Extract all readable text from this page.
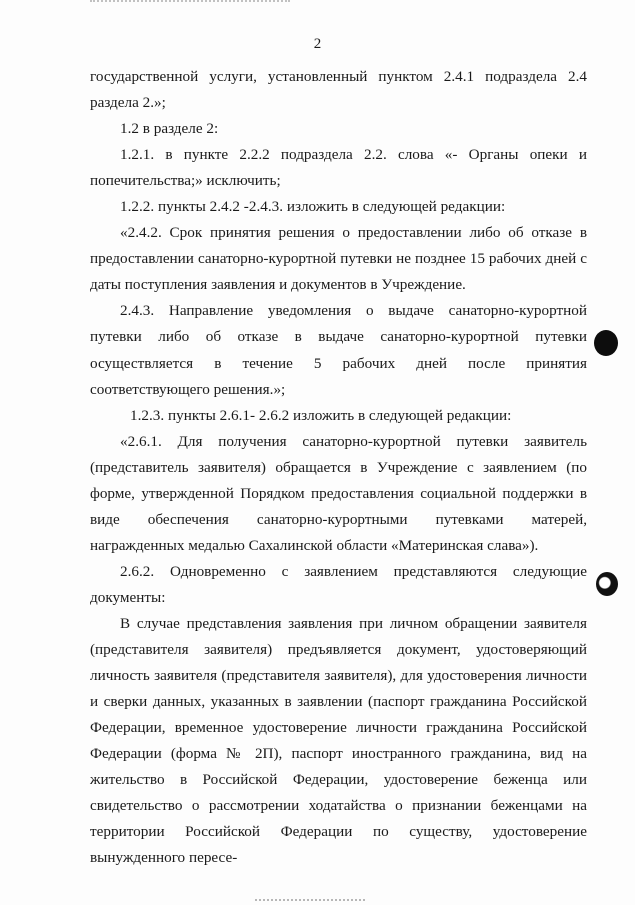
2

государственной услуги, установленный пунктом 2.4.1 подраздела 2.4 раздела 2.»;

1.2 в разделе 2:

1.2.1. в пункте 2.2.2 подраздела 2.2. слова «- Органы опеки и попечительства;» исключить;

1.2.2. пункты 2.4.2 -2.4.3. изложить в следующей редакции:

«2.4.2. Срок принятия решения о предоставлении либо об отказе в предоставлении санаторно-курортной путевки не позднее 15 рабочих дней с даты поступления заявления и документов в Учреждение.

2.4.3. Направление уведомления о выдаче санаторно-курортной путевки либо об отказе в выдаче санаторно-курортной путевки осуществляется в течение 5 рабочих дней после принятия соответствующего решения.»;

1.2.3. пункты 2.6.1- 2.6.2 изложить в следующей редакции:

«2.6.1. Для получения санаторно-курортной путевки заявитель (представитель заявителя) обращается в Учреждение с заявлением (по форме, утвержденной Порядком предоставления социальной поддержки в виде обеспечения санаторно-курортными путевками матерей, награжденных медалью Сахалинской области «Материнская слава»).

2.6.2. Одновременно с заявлением представляются следующие документы:

В случае представления заявления при личном обращении заявителя (представителя заявителя) предъявляется документ, удостоверяющий личность заявителя (представителя заявителя), для удостоверения личности и сверки данных, указанных в заявлении (паспорт гражданина Российской Федерации, временное удостоверение личности гражданина Российской Федерации (форма № 2П), паспорт иностранного гражданина, вид на жительство в Российской Федерации, удостоверение беженца или свидетельство о рассмотрении ходатайства о признании беженцами на территории Российской Федерации по существу, удостоверение вынужденного пересе-
